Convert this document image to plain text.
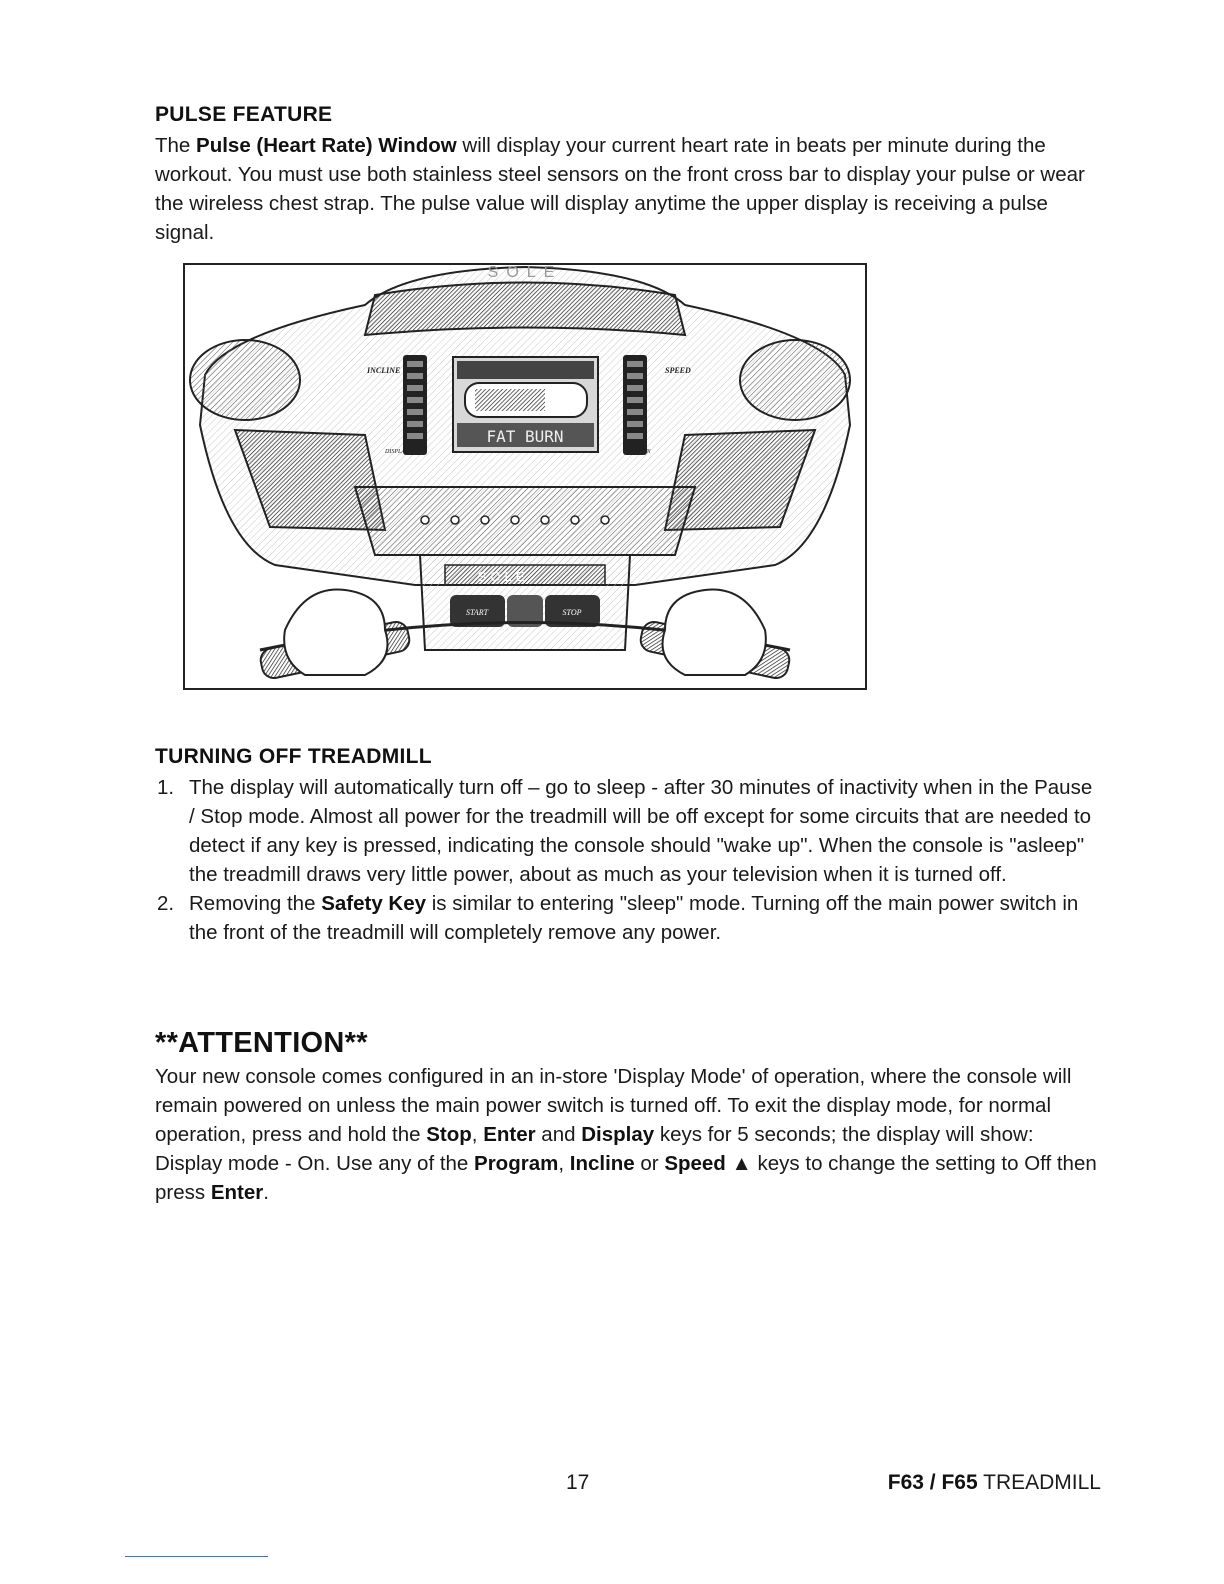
PULSE FEATURE

The Pulse (Heart Rate) Window will display your current heart rate in beats per minute during the workout. You must use both stainless steel sensors on the front cross bar to display your pulse or wear the wireless chest strap. The pulse value will display anytime the upper display is receiving a pulse signal.

SOLE
INCLINE	SPEED
DISPLAY	FAN
FAT BURN
SOLE
START	STOP
TURNING OFF TREADMILL
1. The display will automatically turn off – go to sleep - after 30 minutes of inactivity when in the Pause / Stop mode. Almost all power for the treadmill will be off except for some circuits that are needed to detect if any key is pressed, indicating the console should "wake up". When the console is "asleep" the treadmill draws very little power, about as much as your television when it is turned off.
2. Removing the Safety Key is similar to entering "sleep" mode. Turning off the main power switch in the front of the treadmill will completely remove any power.
**ATTENTION**

Your new console comes configured in an in-store 'Display Mode' of operation, where the console will remain powered on unless the main power switch is turned off. To exit the display mode, for normal operation, press and hold the Stop, Enter and Display keys for 5 seconds; the display will show: Display mode - On. Use any of the Program, Incline or Speed ▲ keys to change the setting to Off then press Enter.

17	F63 / F65 TREADMILL
